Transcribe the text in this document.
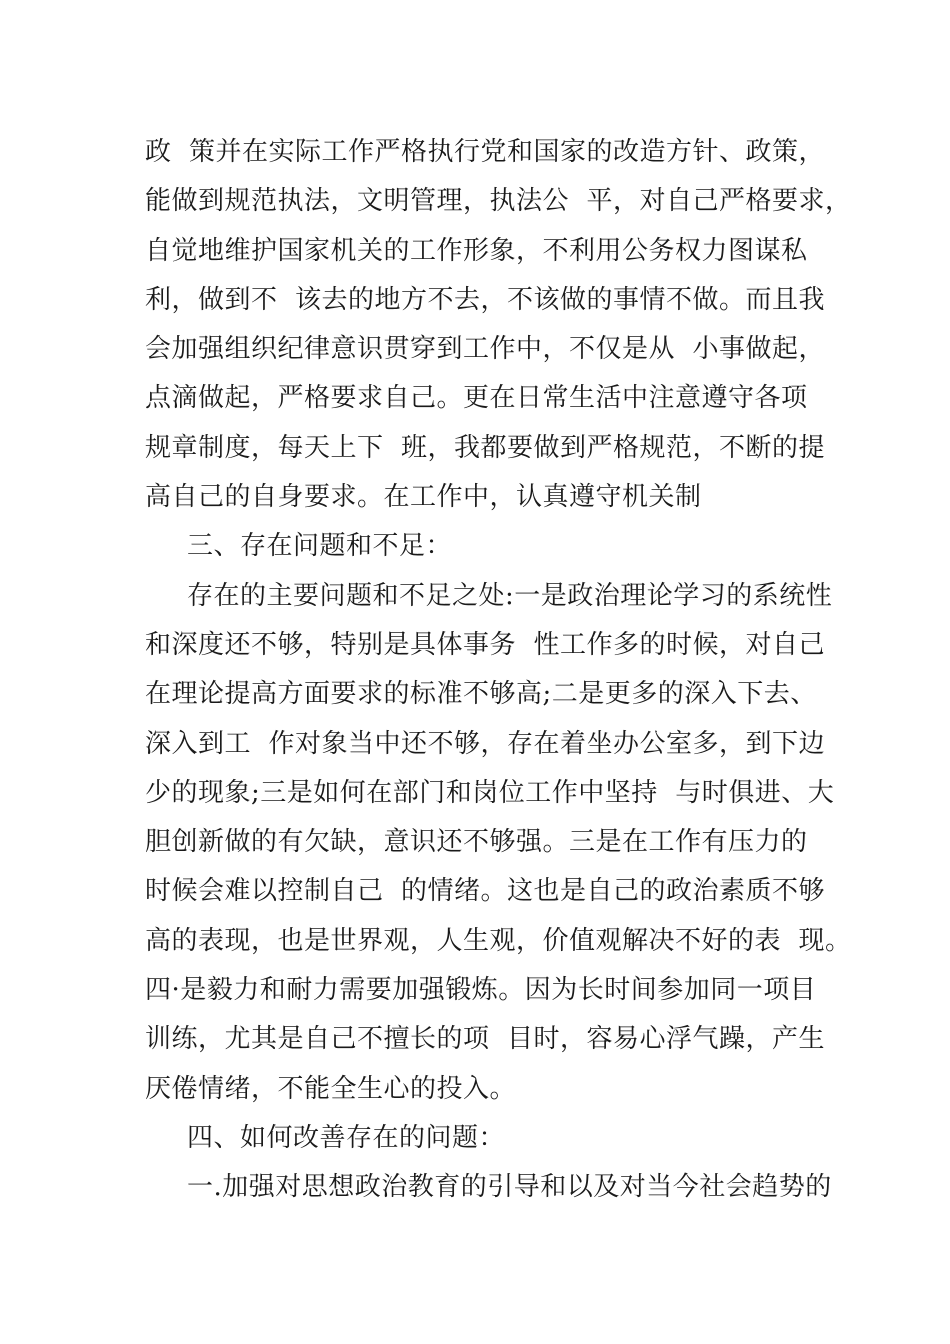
政  策并在实际工作严格执行党和国家的改造方针、政策，
能做到规范执法，文明管理，执法公  平，对自己严格要求，
自觉地维护国家机关的工作形象，不利用公务权力图谋私
利，做到不  该去的地方不去，不该做的事情不做。而且我
会加强组织纪律意识贯穿到工作中，不仅是从  小事做起，
点滴做起，严格要求自己。更在日常生活中注意遵守各项
规章制度，每天上下  班，我都要做到严格规范，不断的提
高自己的自身要求。在工作中，认真遵守机关制
三、存在问题和不足：
存在的主要问题和不足之处:一是政治理论学习的系统性
和深度还不够，特别是具体事务  性工作多的时候，对自己
在理论提高方面要求的标准不够高;二是更多的深入下去、
深入到工  作对象当中还不够，存在着坐办公室多，到下边
少的现象;三是如何在部门和岗位工作中坚持  与时俱进、大
胆创新做的有欠缺，意识还不够强。三是在工作有压力的
时候会难以控制自己  的情绪。这也是自己的政治素质不够
高的表现，也是世界观，人生观，价值观解决不好的表  现。
四·是毅力和耐力需要加强锻炼。因为长时间参加同一项目
训练，尤其是自己不擅长的项  目时，容易心浮气躁，产生
厌倦情绪，不能全生心的投入。
四、如何改善存在的问题：
一.加强对思想政治教育的引导和以及对当今社会趋势的
